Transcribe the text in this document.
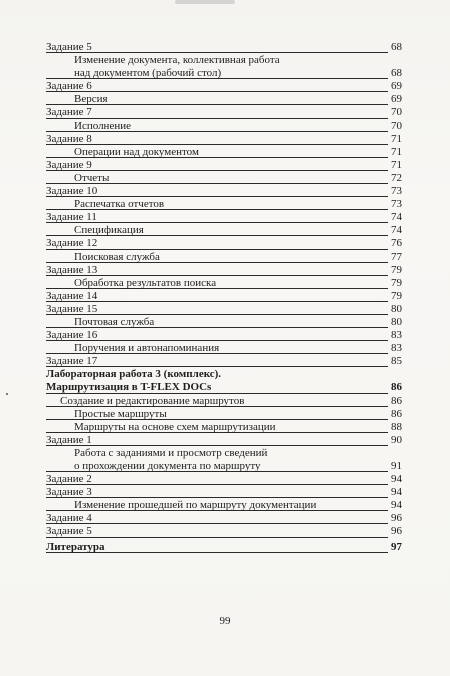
Задание 5	68
Изменение документа, коллективная работа
над документом (рабочий стол)	68
Задание 6	69
Версия	69
Задание 7	70
Исполнение	70
Задание 8	71
Операции над документом	71
Задание 9	71
Отчеты	72
Задание 10	73
Распечатка отчетов	73
Задание 11	74
Спецификация	74
Задание 12	76
Поисковая служба	77
Задание 13	79
Обработка результатов поиска	79
Задание 14	79
Задание 15	80
Почтовая служба	80
Задание 16	83
Поручения и автонапоминания	83
Задание 17	85
Лабораторная работа 3 (комплекс).
Маршрутизация в T-FLEX DOCs	86
Создание и редактирование маршрутов	86
Простые маршруты	86
Маршруты на основе схем маршрутизации	88
Задание 1	90
Работа с заданиями и просмотр сведений
о прохождении документа по маршруту	91
Задание 2	94
Задание 3	94
Изменение прошедшей по маршруту документации	94
Задание 4	96
Задание 5	96
Литература	97
99
